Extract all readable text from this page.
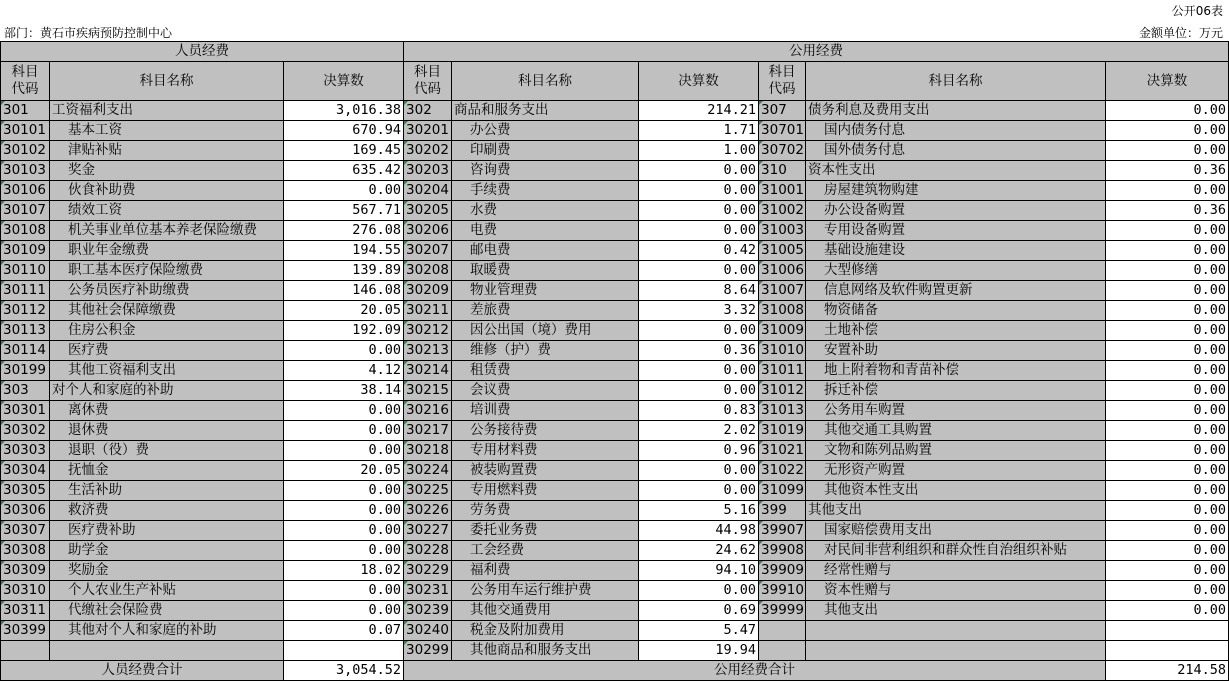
公开06表
部门：黄石市疾病预防控制中心	金额单位：万元
人员经费			公用经费					
科目
代码	科目名称	决算数	科目
代码	科目名称	决算数	科目
代码	科目名称	决算数
301	工资福利支出	3,016.38	302	商品和服务支出	214.21	307	债务利息及费用支出	0.00
30101	基本工资	670.94	30201	办公费	1.71	30701	国内债务付息	0.00
30102	津贴补贴	169.45	30202	印刷费	1.00	30702	国外债务付息	0.00
30103	奖金	635.42	30203	咨询费	0.00	310	资本性支出	0.36
30106	伙食补助费	0.00	30204	手续费	0.00	31001	房屋建筑物购建	0.00
30107	绩效工资	567.71	30205	水费	0.00	31002	办公设备购置	0.36
30108	机关事业单位基本养老保险缴费	276.08	30206	电费	0.00	31003	专用设备购置	0.00
30109	职业年金缴费	194.55	30207	邮电费	0.42	31005	基础设施建设	0.00
30110	职工基本医疗保险缴费	139.89	30208	取暖费	0.00	31006	大型修缮	0.00
30111	公务员医疗补助缴费	146.08	30209	物业管理费	8.64	31007	信息网络及软件购置更新	0.00
30112	其他社会保障缴费	20.05	30211	差旅费	3.32	31008	物资储备	0.00
30113	住房公积金	192.09	30212	因公出国（境）费用	0.00	31009	土地补偿	0.00
30114	医疗费	0.00	30213	维修（护）费	0.36	31010	安置补助	0.00
30199	其他工资福利支出	4.12	30214	租赁费	0.00	31011	地上附着物和青苗补偿	0.00
303	对个人和家庭的补助	38.14	30215	会议费	0.00	31012	拆迁补偿	0.00
30301	离休费	0.00	30216	培训费	0.83	31013	公务用车购置	0.00
30302	退休费	0.00	30217	公务接待费	2.02	31019	其他交通工具购置	0.00
30303	退职（役）费	0.00	30218	专用材料费	0.96	31021	文物和陈列品购置	0.00
30304	抚恤金	20.05	30224	被装购置费	0.00	31022	无形资产购置	0.00
30305	生活补助	0.00	30225	专用燃料费	0.00	31099	其他资本性支出	0.00
30306	救济费	0.00	30226	劳务费	5.16	399	其他支出	0.00
30307	医疗费补助	0.00	30227	委托业务费	44.98	39907	国家赔偿费用支出	0.00
30308	助学金	0.00	30228	工会经费	24.62	39908	对民间非营利组织和群众性自治组织补贴	0.00
30309	奖励金	18.02	30229	福利费	94.10	39909	经常性赠与	0.00
30310	个人农业生产补贴	0.00	30231	公务用车运行维护费	0.00	39910	资本性赠与	0.00
30311	代缴社会保险费	0.00	30239	其他交通费用	0.69	39999	其他支出	0.00
30399	其他对个人和家庭的补助	0.07	30240	税金及附加费用	5.47			
			30299	其他商品和服务支出	19.94			
人员经费合计		3,054.52	公用经费合计					214.58
